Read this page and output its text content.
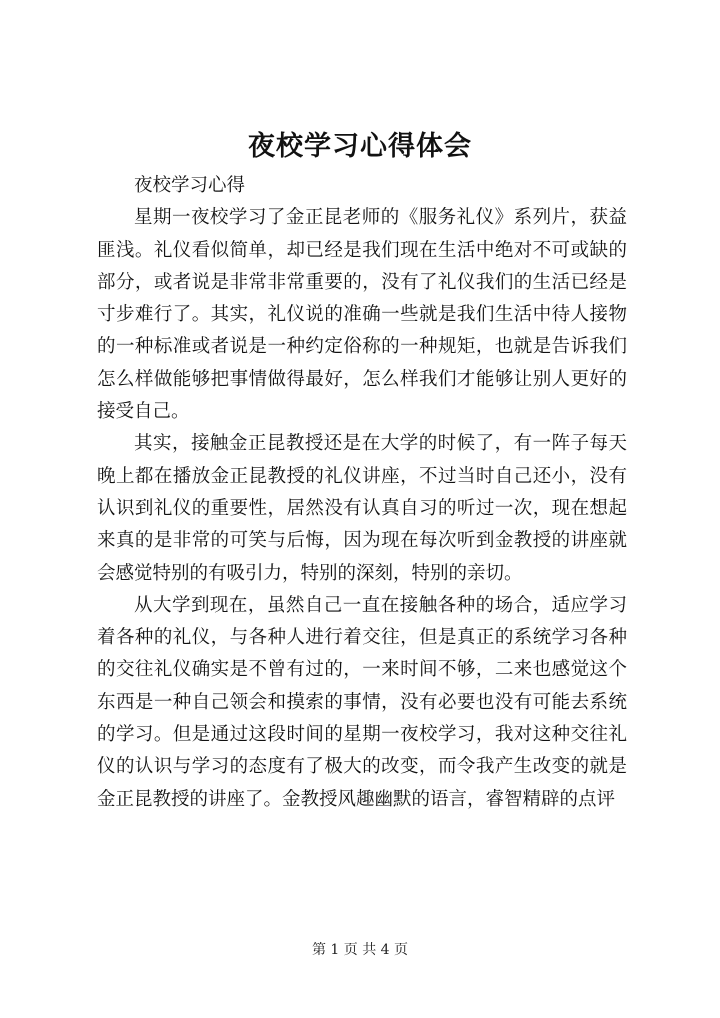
夜校学习心得体会

夜校学习心得

星期一夜校学习了金正昆老师的《服务礼仪》系列片，获益匪浅。礼仪看似简单，却已经是我们现在生活中绝对不可或缺的部分，或者说是非常非常重要的，没有了礼仪我们的生活已经是寸步难行了。其实，礼仪说的准确一些就是我们生活中待人接物的一种标准或者说是一种约定俗称的一种规矩，也就是告诉我们怎么样做能够把事情做得最好，怎么样我们才能够让别人更好的接受自己。

其实，接触金正昆教授还是在大学的时候了，有一阵子每天晚上都在播放金正昆教授的礼仪讲座，不过当时自己还小，没有认识到礼仪的重要性，居然没有认真自习的听过一次，现在想起来真的是非常的可笑与后悔，因为现在每次听到金教授的讲座就会感觉特别的有吸引力，特别的深刻，特别的亲切。

从大学到现在，虽然自己一直在接触各种的场合，适应学习着各种的礼仪，与各种人进行着交往，但是真正的系统学习各种的交往礼仪确实是不曾有过的，一来时间不够，二来也感觉这个东西是一种自己领会和摸索的事情，没有必要也没有可能去系统的学习。但是通过这段时间的星期一夜校学习，我对这种交往礼仪的认识与学习的态度有了极大的改变，而令我产生改变的就是金正昆教授的讲座了。金教授风趣幽默的语言，睿智精辟的点评

第 1 页 共 4 页
